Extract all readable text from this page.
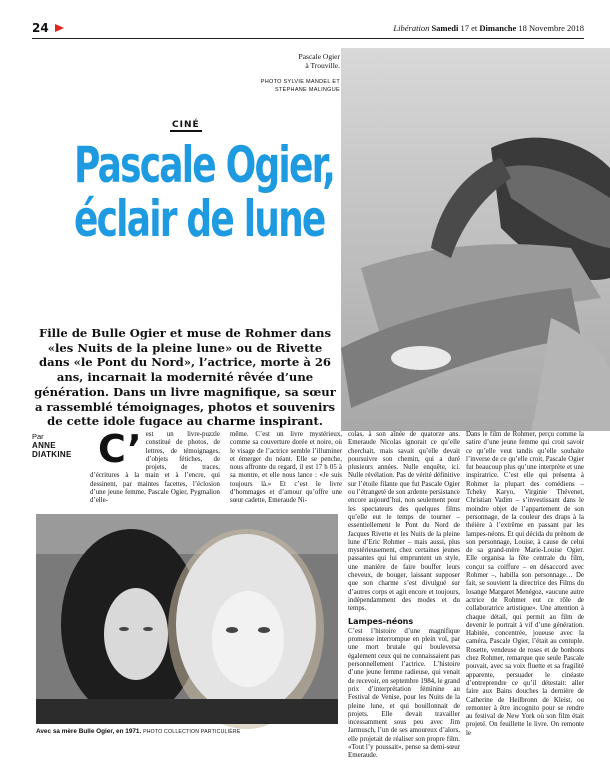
24	Libération Samedi 17 et Dimanche 18 Novembre 2018
Pascale Ogier
à Trouville.
PHOTO SYLVIE MANDEL ET
STÉPHANE MALINGUE
CINÉ
Pascale Ogier,
éclair de lune
Fille de Bulle Ogier et muse de Rohmer dans «les Nuits de la pleine lune» ou de Rivette dans «le Pont du Nord», l’actrice, morte à 26 ans, incarnait la modernité rêvée d’une génération. Dans un livre magnifique, sa sœur a rassemblé témoignages, photos et souvenirs de cette idole fugace au charme inspirant.
Par
ANNE
DIATKINE C’ est un livre-puzzle constitué de photos, de lettres, de témoignages, d’objets fétiches, de projets, de traces, d’écritures à la main et à l’encre, qui dessinent, par maintes facettes, l’éclosion d’une jeune femme, Pascale Ogier, Pygmalion d’elle-
même. C’est un livre mystérieux, comme sa couverture dorée et noire, où le visage de l’actrice semble l’illuminer et émerger du néant. Elle se penche, nous affronte du regard, il est 17 h 05 à sa montre, et elle nous lance : «Je suis toujours là.» Et c’est le livre d’hommages et d’amour qu’offre une sœur cadette, Emeraude Ni-
colas, à son aînée de quatorze ans. Emeraude Nicolas ignorait ce qu’elle cherchait, mais savait qu’elle devait poursuivre son chemin, qui a duré plusieurs années. Nulle enquête, ici. Nulle révélation. Pas de vérité définitive sur l’étoile filante que fut Pascale Ogier ou l’étrangeté de son ardente persistance encore aujourd’hui, non seulement pour les spectateurs des quelques films qu’elle eut le temps de tourner – essentiellement le Pont du Nord de Jacques Rivette et les Nuits de la pleine lune d’Eric Rohmer – mais aussi, plus mystérieusement, chez certaines jeunes passantes qui lui empruntent un style, une manière de faire bouffer leurs cheveux, de bouger, laissant supposer que son charme s’est divulgué sur d’autres corps et agit encore et toujours, indépendamment des modes et du temps.
Lampes-néons
C’est l’histoire d’une magnifique promesse interrompue en plein vol, par une mort brutale qui bouleversa également ceux qui ne connaissaient pas personnellement l’actrice. L’histoire d’une jeune femme radieuse, qui venait de recevoir, en septembre 1984, le grand prix d’interprétation féminine au Festival de Venise, pour les Nuits de la pleine lune, et qui bouillonnait de projets. Elle devait travailler incessamment sous peu avec Jim Jarmusch, l’un de ses amoureux d’alors, elle projetait de réaliser son propre film. «Tout l’y poussait», pense sa demi-sœur Emeraude.
Dans le film de Rohmer, perçu comme la satire d’une jeune femme qui croit savoir ce qu’elle veut tandis qu’elle souhaite l’inverse de ce qu’elle croit, Pascale Ogier fut beaucoup plus qu’une interprète et une inspiratrice. C’est elle qui présenta à Rohmer la plupart des comédiens – Tcheky Karyo, Virginie Thévenet, Christian Vadim – s’investissant dans le moindre objet de l’appartement de son personnage, de la couleur des draps à la théière à l’extrême en passant par les lampes-néons. Et qui décida du prénom de son personnage, Louise, à cause de celui de sa grand-mère Marie-Louise Ogier. Elle organisa la fête centrale du film, conçut sa coiffure – en désaccord avec Rohmer –, habilla son personnage… De fait, se souvient la directrice des Films du losange Margaret Menégoz, «aucune autre actrice de Rohmer eut ce rôle de collaboratrice artistique». Une attention à chaque détail, qui permit au film de devenir le portrait à vif d’une génération. Habitée, concentrée, joueuse avec la caméra, Pascale Ogier, l’était au centuple. Rosette, vendeuse de roses et de bonbons chez Rohmer, remarque que seule Pascale pouvait, avec sa voix fluette et sa fragilité apparente, persuader le cinéaste d’entreprendre ce qu’il détestait: aller faire aux Bains douches la dernière de Catherine de Heilbronn de Kleist, ou remonter à être incognito pour se rendre au festival de New York où son film était projeté. On feuillette le livre. On remonte le
Avec sa mère Bulle Ogier, en 1971. PHOTO COLLECTION PARTICULIÈRE
